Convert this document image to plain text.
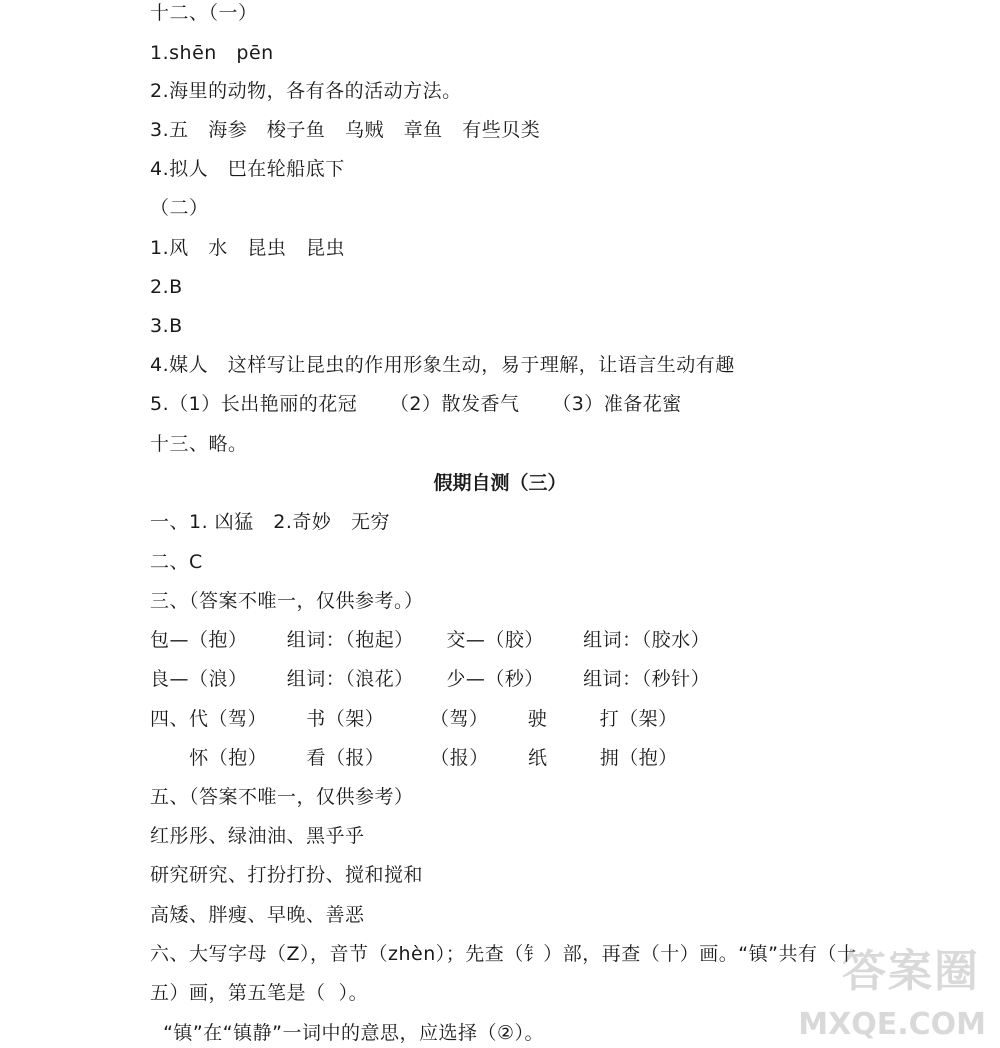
十二、（一）
1.shēn   pēn
2.海里的动物，各有各的活动方法。
3.五   海参   梭子鱼   乌贼   章鱼   有些贝类
4.拟人   巴在轮船底下
（二）
1.风   水   昆虫   昆虫
2.B
3.B
4.媒人   这样写让昆虫的作用形象生动，易于理解，让语言生动有趣
5.（1）长出艳丽的花冠     （2）散发香气     （3）准备花蜜
十三、略。
假期自测（三）
一、1. 凶猛   2.奇妙   无穷
二、C
三、（答案不唯一，仅供参考。）
包—（抱）      组词：（抱起）     交—（胶）      组词：（胶水）
良—（浪）      组词：（浪花）     少—（秒）      组词：（秒针）
四、代（驾）      书（架）       （驾）      驶        打（架）
怀（抱）      看（报）       （报）      纸        拥（抱）
五、（答案不唯一，仅供参考）
红彤彤、绿油油、黑乎乎
研究研究、打扮打扮、搅和搅和
高矮、胖瘦、早晚、善恶
六、大写字母（Z），音节（zhèn）；先查（钅）部，再查（十）画。“镇”共有（十
五）画，第五笔是（  ）。
“镇”在“镇静”一词中的意思，应选择（②）。
答案圈
MXQE.COM
